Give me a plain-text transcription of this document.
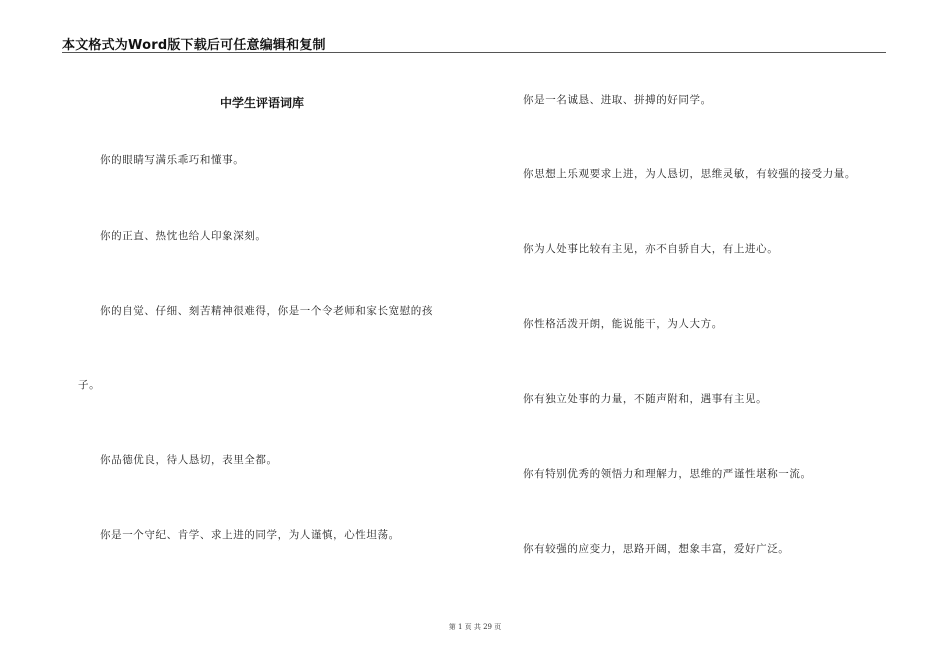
本文格式为Word版下载后可任意编辑和复制
中学生评语词库
你的眼睛写满乐乖巧和懂事。
你的正直、热忱也给人印象深刻。
你的自觉、仔细、刻苦精神很难得，你是一个令老师和家长宽慰的孩
子。
你品德优良，待人恳切，表里全都。
你是一个守纪、肯学、求上进的同学，为人谨慎，心性坦荡。
你是一名诚恳、进取、拼搏的好同学。
你思想上乐观要求上进，为人恳切，思维灵敏，有较强的接受力量。
你为人处事比较有主见，亦不自骄自大，有上进心。
你性格活泼开朗，能说能干，为人大方。
你有独立处事的力量，不随声附和，遇事有主见。
你有特别优秀的领悟力和理解力，思维的严谨性堪称一流。
你有较强的应变力，思路开阔，想象丰富，爱好广泛。
第 1 页 共 29 页
